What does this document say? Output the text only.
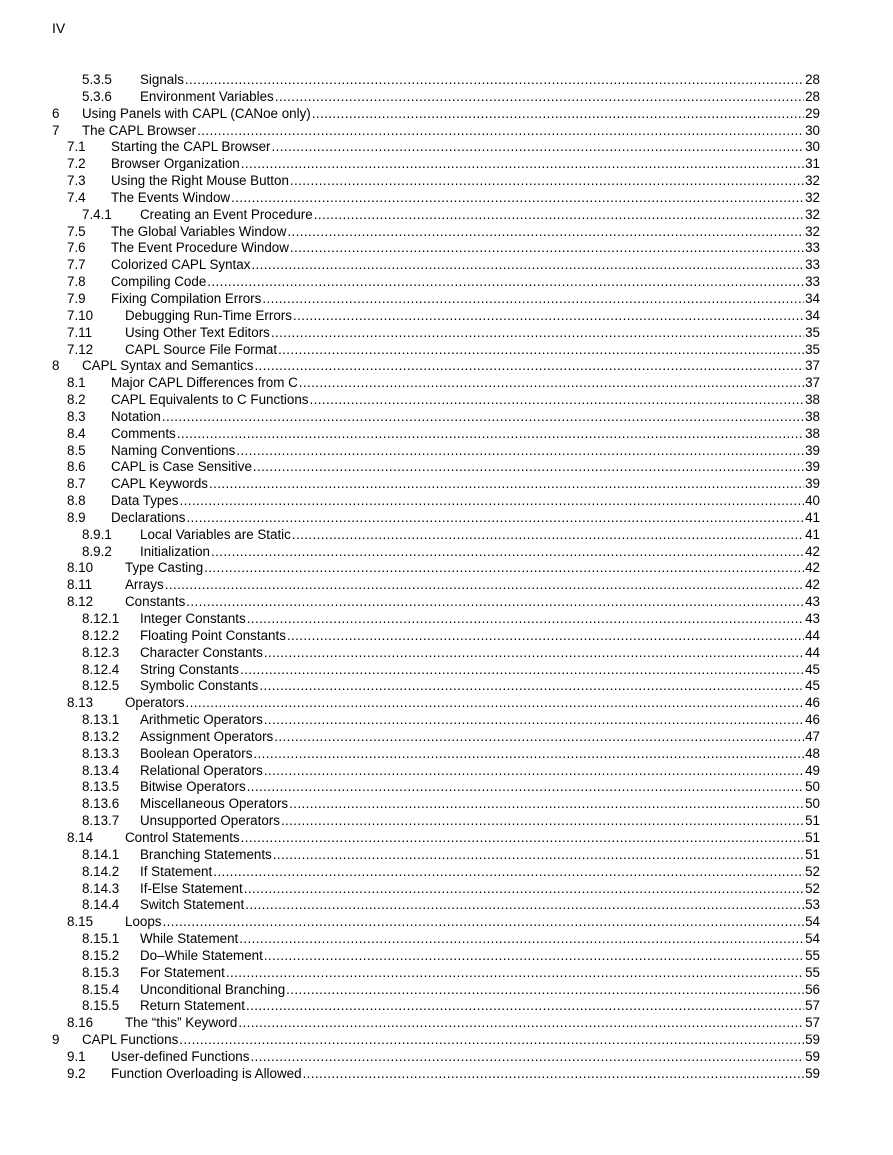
IV
5.3.5 Signals .....	28
5.3.6 Environment Variables .....	28
6 Using Panels with CAPL (CANoe only) .....	29
7 The CAPL Browser .....	30
7.1 Starting the CAPL Browser .....	30
7.2 Browser Organization .....	31
7.3 Using the Right Mouse Button .....	32
7.4 The Events Window .....	32
7.4.1 Creating an Event Procedure .....	32
7.5 The Global Variables Window .....	32
7.6 The Event Procedure Window .....	33
7.7 Colorized CAPL Syntax .....	33
7.8 Compiling Code .....	33
7.9 Fixing Compilation Errors .....	34
7.10 Debugging Run-Time Errors .....	34
7.11 Using Other Text Editors .....	35
7.12 CAPL Source File Format .....	35
8 CAPL Syntax and Semantics .....	37
8.1 Major CAPL Differences from C .....	37
8.2 CAPL Equivalents to C Functions .....	38
8.3 Notation .....	38
8.4 Comments .....	38
8.5 Naming Conventions .....	39
8.6 CAPL is Case Sensitive .....	39
8.7 CAPL Keywords .....	39
8.8 Data Types .....	40
8.9 Declarations .....	41
8.9.1 Local Variables are Static .....	41
8.9.2 Initialization .....	42
8.10 Type Casting .....	42
8.11 Arrays .....	42
8.12 Constants .....	43
8.12.1 Integer Constants .....	43
8.12.2 Floating Point Constants .....	44
8.12.3 Character Constants .....	44
8.12.4 String Constants .....	45
8.12.5 Symbolic Constants .....	45
8.13 Operators .....	46
8.13.1 Arithmetic Operators .....	46
8.13.2 Assignment Operators .....	47
8.13.3 Boolean Operators .....	48
8.13.4 Relational Operators .....	49
8.13.5 Bitwise Operators .....	50
8.13.6 Miscellaneous Operators .....	50
8.13.7 Unsupported Operators .....	51
8.14 Control Statements .....	51
8.14.1 Branching Statements .....	51
8.14.2 If Statement .....	52
8.14.3 If-Else Statement .....	52
8.14.4 Switch Statement .....	53
8.15 Loops .....	54
8.15.1 While Statement .....	54
8.15.2 Do–While Statement .....	55
8.15.3 For Statement .....	55
8.15.4 Unconditional Branching .....	56
8.15.5 Return Statement .....	57
8.16 The “this” Keyword .....	57
9 CAPL Functions .....	59
9.1 User-defined Functions .....	59
9.2 Function Overloading is Allowed .....	59
